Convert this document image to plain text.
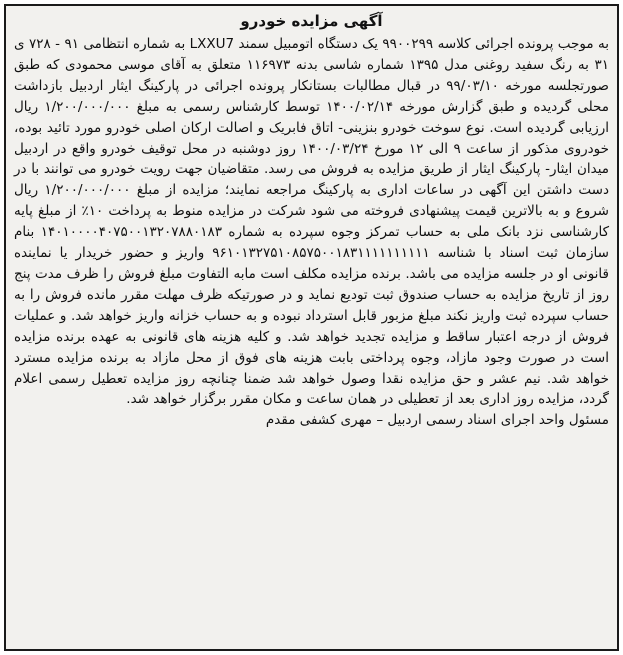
آگهی مزایده خودرو

به موجب پرونده اجرائی کلاسه ۹۹۰۰۲۹۹ یک دستگاه اتومبیل سمند LXXU7 به شماره انتظامی ۹۱ - ۷۲۸ ی ۳۱ به رنگ سفید روغنی مدل ۱۳۹۵ شماره شاسی بدنه ۱۱۶۹۷۳ متعلق به آقای موسی محمودی که طبق صورتجلسه مورخه ۹۹/۰۳/۱۰ در قبال مطالبات بستانکار پرونده اجرائی در پارکینگ ایثار اردبیل بازداشت محلی گردیده و طبق گزارش مورخه ۱۴۰۰/۰۲/۱۴ توسط کارشناس رسمی به مبلغ ۱/۲۰۰/۰۰۰/۰۰۰ ریال ارزیابی گردیده است. نوع سوخت خودرو بنزینی- اتاق فابریک و اصالت ارکان اصلی خودرو مورد تائید بوده، خودروی مذکور از ساعت ۹ الی ۱۲ مورخ ۱۴۰۰/۰۳/۲۴ روز دوشنبه در محل توقیف خودرو واقع در اردبیل میدان ایثار- پارکینگ ایثار از طریق مزایده به فروش می رسد. متقاضیان جهت رویت خودرو می توانند با در دست داشتن این آگهی در ساعات اداری به پارکینگ مراجعه نمایند؛ مزایده از مبلغ ۱/۲۰۰/۰۰۰/۰۰۰ ریال شروع و به بالاترین قیمت پیشنهادی فروخته می شود شرکت در مزایده منوط به پرداخت ۱۰٪ از مبلغ پایه کارشناسی نزد بانک ملی به حساب تمرکز وجوه سپرده به شماره ۱۴۰۱۰۰۰۰۴۰۷۵۰۰۱۳۲۰۷۸۸۰۱۸۳ بنام سازمان ثبت اسناد با شناسه ۹۶۱۰۱۳۲۷۵۱۰۸۵۷۵۰۰۱۸۳۱۱۱۱۱۱۱۱۱۱ واریز و حضور خریدار یا نماینده قانونی او در جلسه مزایده می باشد. برنده مزایده مکلف است مابه التفاوت مبلغ فروش را ظرف مدت پنج روز از تاریخ مزایده به حساب صندوق ثبت تودیع نماید و در صورتیکه ظرف مهلت مقرر مانده فروش را به حساب سپرده ثبت واریز نکند مبلغ مزبور قابل استرداد نبوده و به حساب خزانه واریز خواهد شد. و عملیات فروش از درجه اعتبار ساقط و مزایده تجدید خواهد شد. و کلیه هزینه های قانونی به عهده برنده مزایده است در صورت وجود مازاد، وجوه پرداختی بابت هزینه های فوق از محل مازاد به برنده مزایده مسترد خواهد شد. نیم عشر و حق مزایده نقدا وصول خواهد شد ضمنا چنانچه روز مزایده تعطیل رسمی اعلام گردد، مزایده روز اداری بعد از تعطیلی در همان ساعت و مکان مقرر برگزار خواهد شد.

مسئول واحد اجرای اسناد رسمی اردبیل – مهری کشفی مقدم
